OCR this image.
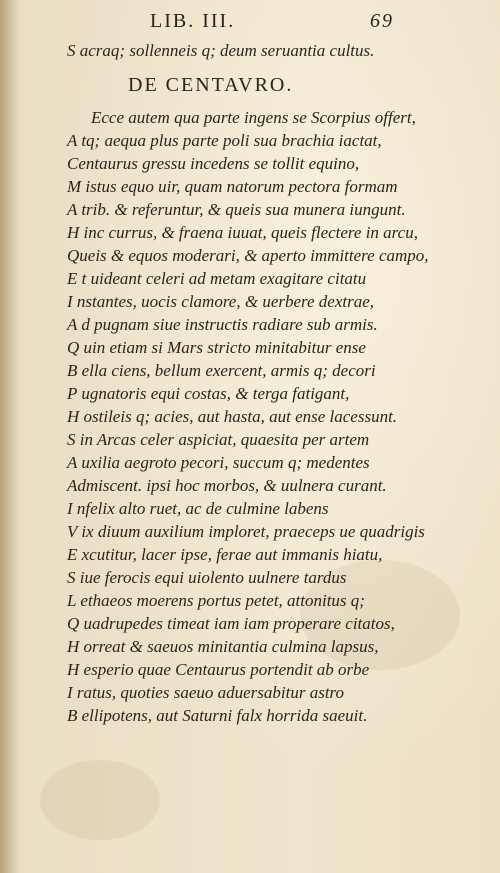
LIB. III.	69
S acraq; sollenneis q; deum seruantia cultus.
DE CENTAVRO.
Ecce autem qua parte ingens se Scorpius offert,
A tq; aequa plus parte poli sua brachia iactat,
Centaurus gressu incedens se tollit equino,
M istus equo uir, quam natorum pectora formam
A trib. & referuntur, & queis sua munera iungunt.
H inc currus, & fraena iuuat, queis flectere in arcu,
Queis & equos moderari, & aperto immittere campo,
E t uideant celeri ad metam exagitare citatu
I nstantes, uocis clamore, & uerbere dextrae,
A d pugnam siue instructis radiare sub armis.
Q uin etiam si Mars stricto minitabitur ense
B ella ciens, bellum exercent, armis q; decori
P ugnatoris equi costas, & terga fatigant,
H ostileis q; acies, aut hasta, aut ense lacessunt.
S in Arcas celer aspiciat, quaesita per artem
A uxilia aegroto pecori, succum q; medentes
Admiscent. ipsi hoc morbos, & uulnera curant.
I nfelix alto ruet, ac de culmine labens
V ix diuum auxilium imploret, praeceps ue quadrigis
E xcutitur, lacer ipse, ferae aut immanis hiatu,
S iue ferocis equi uiolento uulnere tardus
L ethaeos moerens portus petet, attonitus q;
Q uadrupedes timeat iam iam properare citatos,
H orreat & saeuos minitantia culmina lapsus,
H esperio quae Centaurus portendit ab orbe
I ratus, quoties saeuo aduersabitur astro
B ellipotens, aut Saturni falx horrida saeuit.
